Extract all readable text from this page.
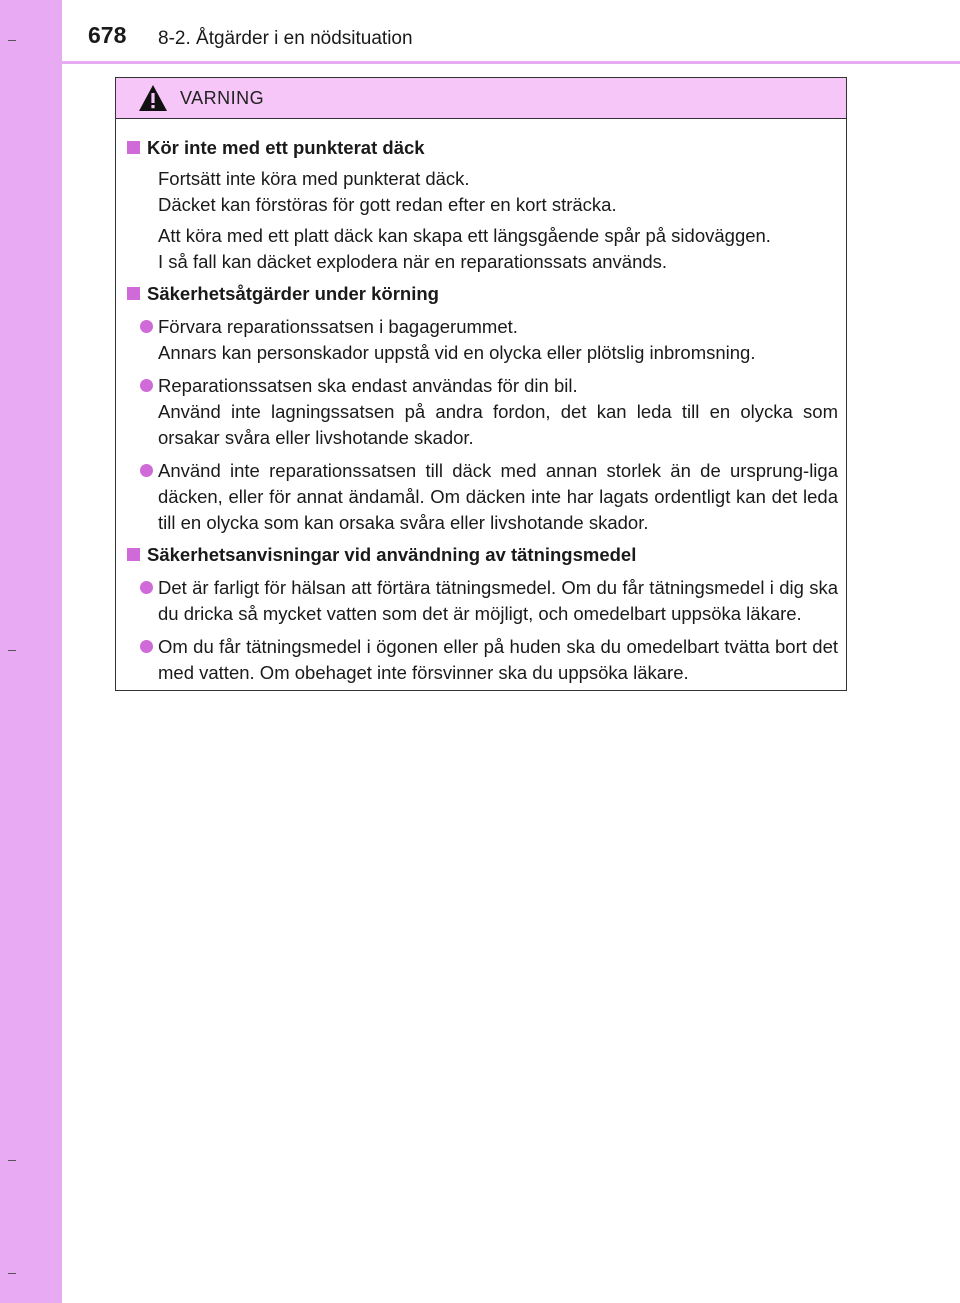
678 8-2. Åtgärder i en nödsituation
VARNING
Kör inte med ett punkterat däck
Fortsätt inte köra med punkterat däck.
Däcket kan förstöras för gott redan efter en kort sträcka.
Att köra med ett platt däck kan skapa ett längsgående spår på sidoväggen.
I så fall kan däcket explodera när en reparationssats används.
Säkerhetsåtgärder under körning
Förvara reparationssatsen i bagagerummet.
Annars kan personskador uppstå vid en olycka eller plötslig inbromsning.
Reparationssatsen ska endast användas för din bil.
Använd inte lagningssatsen på andra fordon, det kan leda till en olycka som orsakar svåra eller livshotande skador.
Använd inte reparationssatsen till däck med annan storlek än de ursprung-liga däcken, eller för annat ändamål. Om däcken inte har lagats ordentligt kan det leda till en olycka som kan orsaka svåra eller livshotande skador.
Säkerhetsanvisningar vid användning av tätningsmedel
Det är farligt för hälsan att förtära tätningsmedel. Om du får tätningsmedel i dig ska du dricka så mycket vatten som det är möjligt, och omedelbart uppsöka läkare.
Om du får tätningsmedel i ögonen eller på huden ska du omedelbart tvätta bort det med vatten. Om obehaget inte försvinner ska du uppsöka läkare.
